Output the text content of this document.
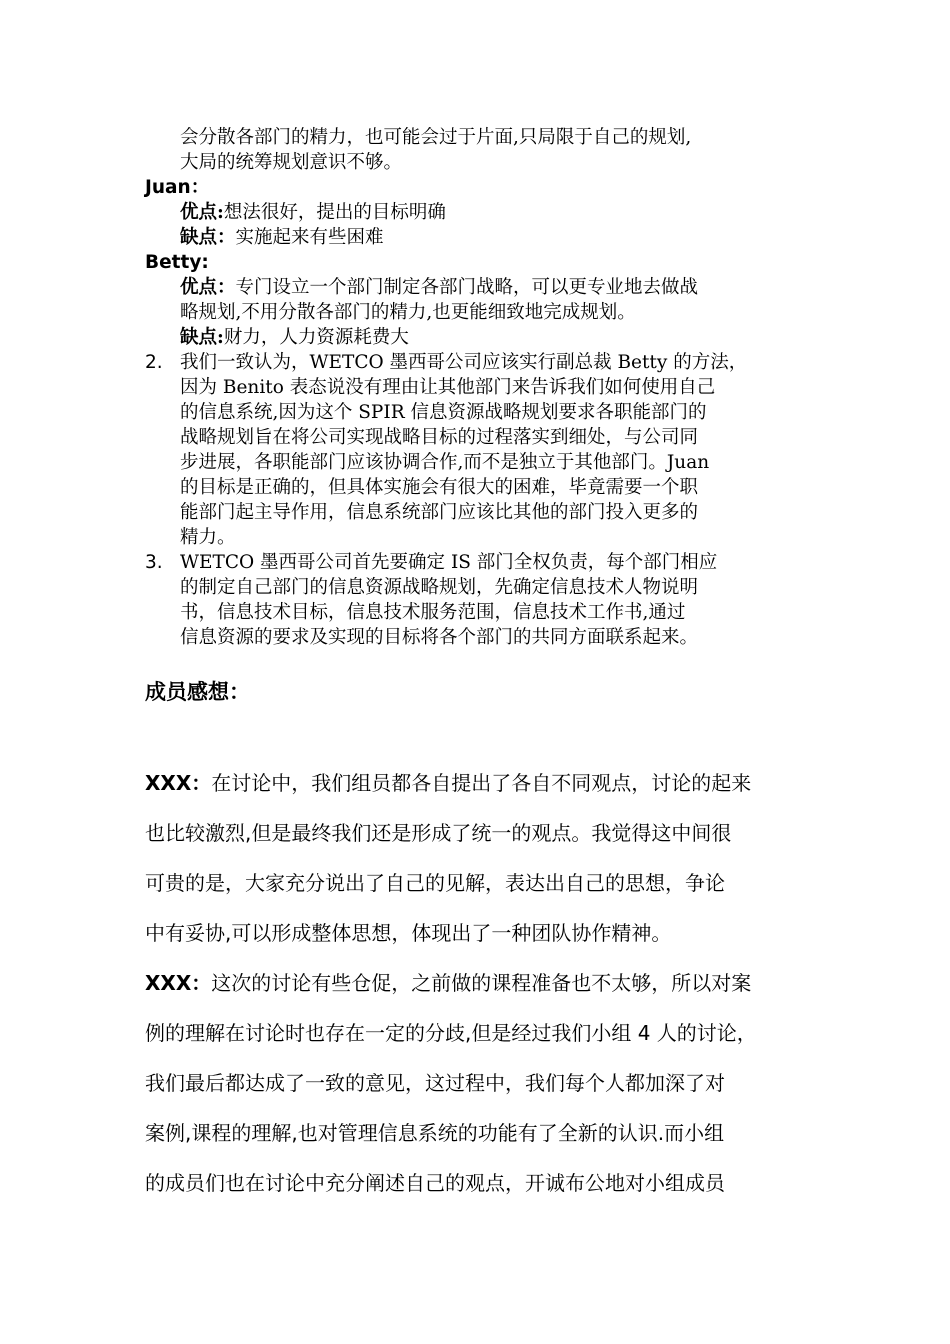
会分散各部门的精力，也可能会过于片面,只局限于自己的规划,
大局的统筹规划意识不够。
Juan：
优点:想法很好，提出的目标明确
缺点：实施起来有些困难
Betty:
优点：专门设立一个部门制定各部门战略，可以更专业地去做战
略规划,不用分散各部门的精力,也更能细致地完成规划。
缺点:财力，人力资源耗费大
2. 我们一致认为，WETCO 墨西哥公司应该实行副总裁 Betty 的方法，
因为 Benito 表态说没有理由让其他部门来告诉我们如何使用自己
的信息系统,因为这个 SPIR 信息资源战略规划要求各职能部门的
战略规划旨在将公司实现战略目标的过程落实到细处，与公司同
步进展，各职能部门应该协调合作,而不是独立于其他部门。Juan
的目标是正确的，但具体实施会有很大的困难，毕竟需要一个职
能部门起主导作用，信息系统部门应该比其他的部门投入更多的
精力。
3. WETCO 墨西哥公司首先要确定 IS 部门全权负责，每个部门相应
的制定自己部门的信息资源战略规划，先确定信息技术人物说明
书，信息技术目标，信息技术服务范围，信息技术工作书,通过
信息资源的要求及实现的目标将各个部门的共同方面联系起来。
成员感想：
XXX：在讨论中，我们组员都各自提出了各自不同观点，讨论的起来
也比较激烈,但是最终我们还是形成了统一的观点。我觉得这中间很
可贵的是，大家充分说出了自己的见解，表达出自己的思想，争论
中有妥协,可以形成整体思想，体现出了一种团队协作精神。
XXX：这次的讨论有些仓促，之前做的课程准备也不太够，所以对案
例的理解在讨论时也存在一定的分歧,但是经过我们小组 4 人的讨论，
我们最后都达成了一致的意见，这过程中，我们每个人都加深了对
案例,课程的理解,也对管理信息系统的功能有了全新的认识.而小组
的成员们也在讨论中充分阐述自己的观点，开诚布公地对小组成员
